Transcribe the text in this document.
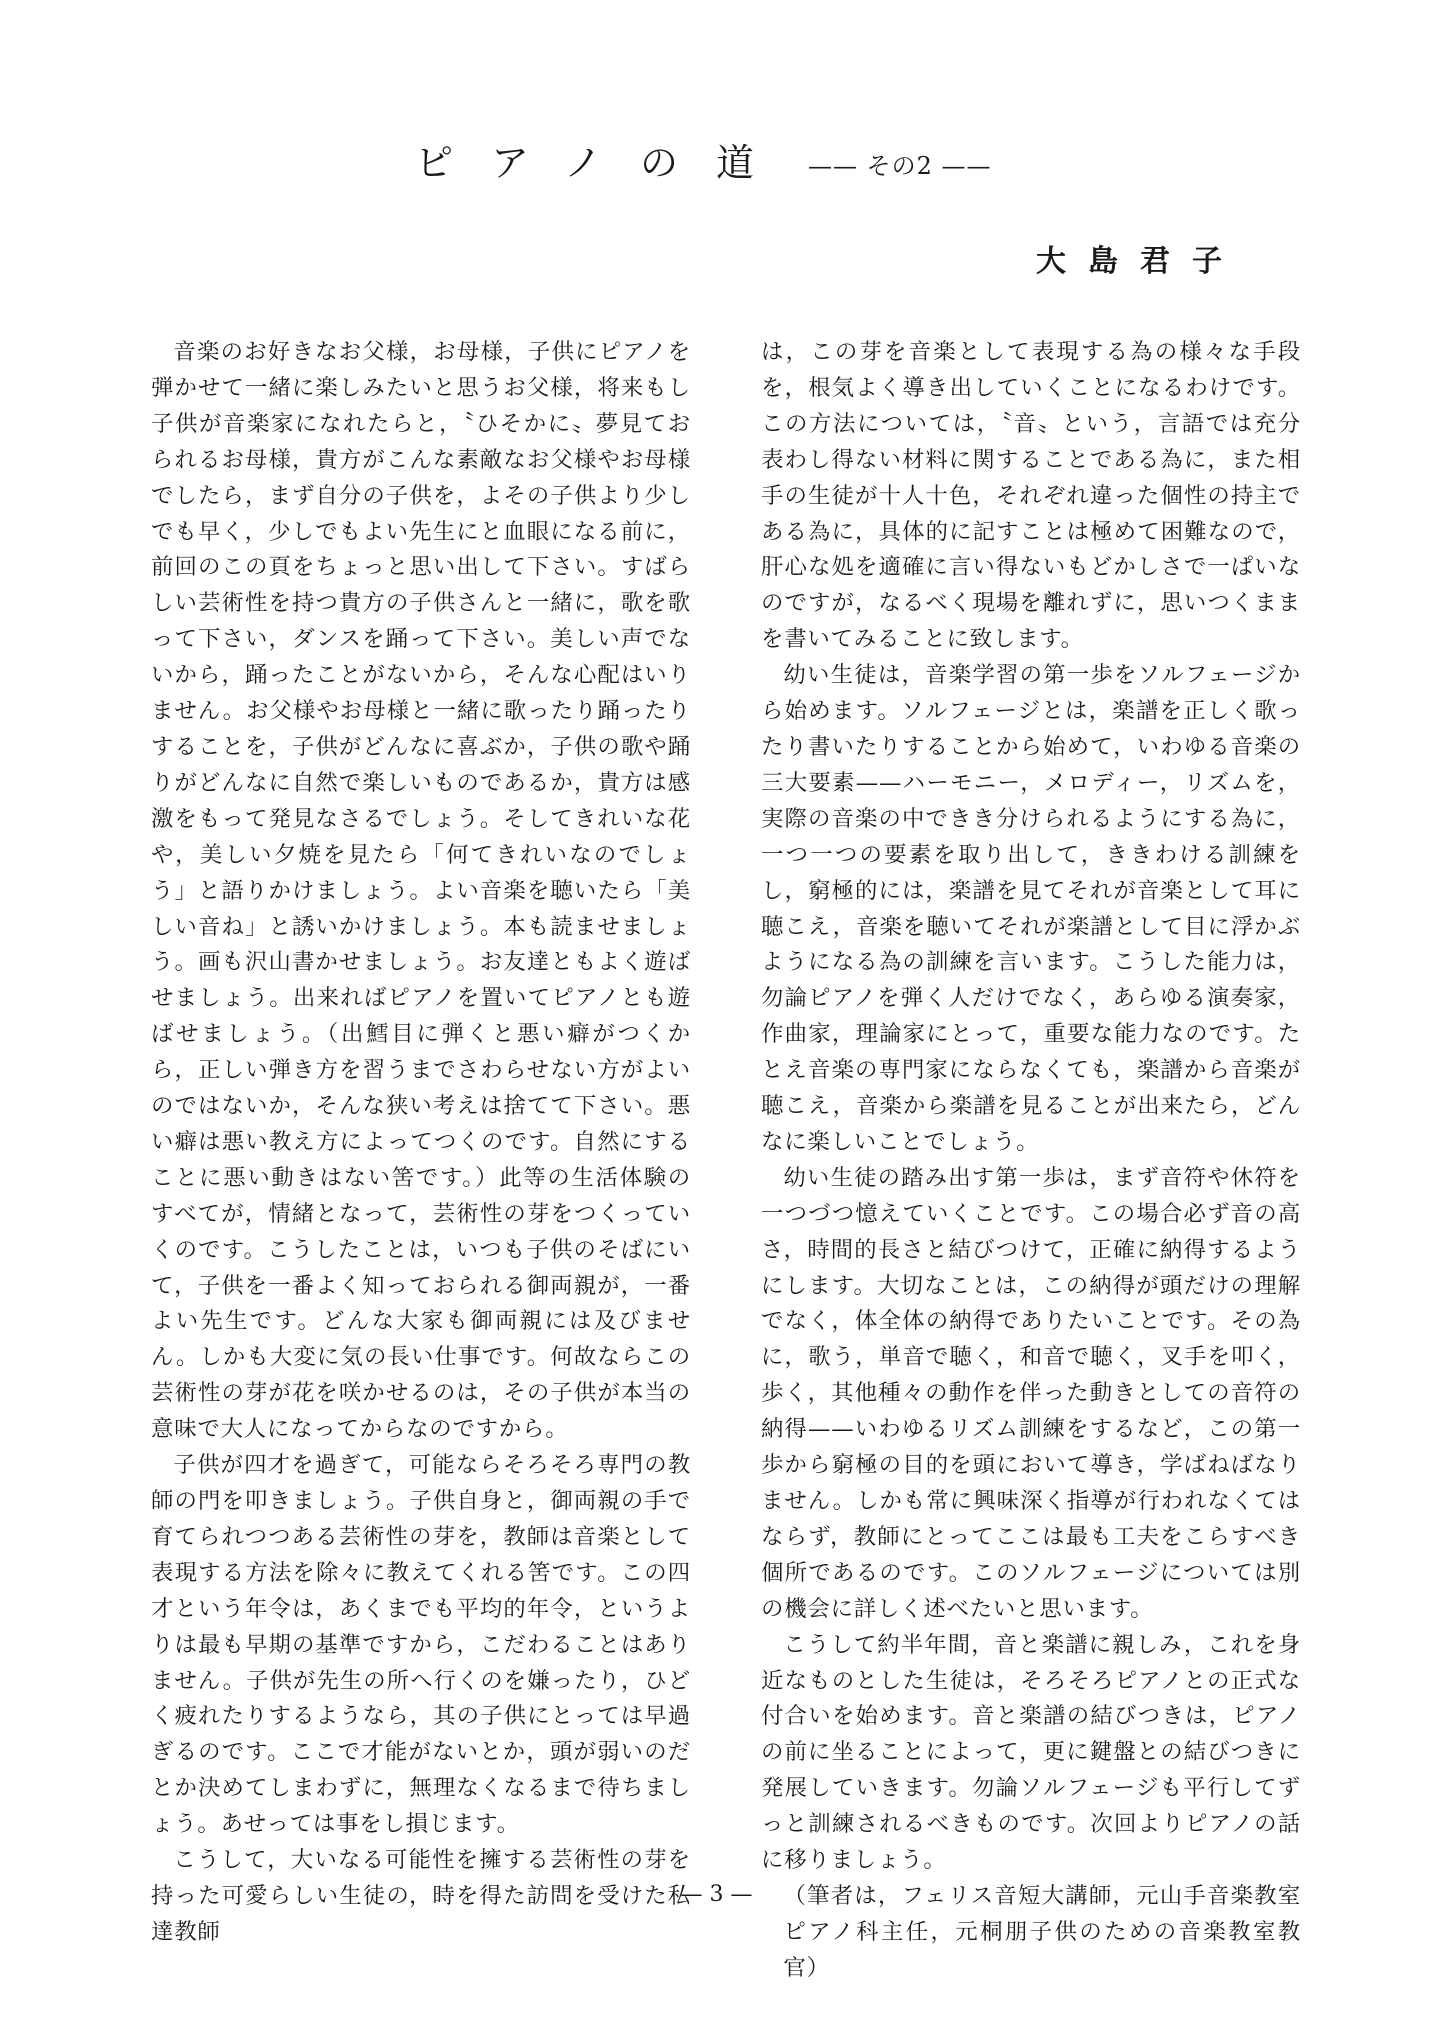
ピアノの道 —— その2 ——
大島君子

音楽のお好きなお父様，お母様，子供にピアノを弾かせて一緒に楽しみたいと思うお父様，将来もし子供が音楽家になれたらと，〝ひそかに〟夢見ておられるお母様，貴方がこんな素敵なお父様やお母様でしたら，まず自分の子供を，よその子供より少しでも早く，少しでもよい先生にと血眼になる前に，前回のこの頁をちょっと思い出して下さい。すばらしい芸術性を持つ貴方の子供さんと一緒に，歌を歌って下さい，ダンスを踊って下さい。美しい声でないから，踊ったことがないから，そんな心配はいりません。お父様やお母様と一緒に歌ったり踊ったりすることを，子供がどんなに喜ぶか，子供の歌や踊りがどんなに自然で楽しいものであるか，貴方は感激をもって発見なさるでしょう。そしてきれいな花や，美しい夕焼を見たら「何てきれいなのでしょう」と語りかけましょう。よい音楽を聴いたら「美しい音ね」と誘いかけましょう。本も読ませましょう。画も沢山書かせましょう。お友達ともよく遊ばせましょう。出来ればピアノを置いてピアノとも遊ばせましょう。（出鱈目に弾くと悪い癖がつくから，正しい弾き方を習うまでさわらせない方がよいのではないか，そんな狭い考えは捨てて下さい。悪い癖は悪い教え方によってつくのです。自然にすることに悪い動きはない筈です。）此等の生活体験のすべてが，情緒となって，芸術性の芽をつくっていくのです。こうしたことは，いつも子供のそばにいて，子供を一番よく知っておられる御両親が，一番よい先生です。どんな大家も御両親には及びません。しかも大変に気の長い仕事です。何故ならこの芸術性の芽が花を咲かせるのは，その子供が本当の意味で大人になってからなのですから。

子供が四才を過ぎて，可能ならそろそろ専門の教師の門を叩きましょう。子供自身と，御両親の手で育てられつつある芸術性の芽を，教師は音楽として表現する方法を除々に教えてくれる筈です。この四才という年令は，あくまでも平均的年令，というよりは最も早期の基準ですから，こだわることはありません。子供が先生の所へ行くのを嫌ったり，ひどく疲れたりするようなら，其の子供にとっては早過ぎるのです。ここで才能がないとか，頭が弱いのだとか決めてしまわずに，無理なくなるまで待ちましょう。あせっては事をし損じます。

こうして，大いなる可能性を擁する芸術性の芽を持った可愛らしい生徒の，時を得た訪問を受けた私達教師

は，この芽を音楽として表現する為の様々な手段を，根気よく導き出していくことになるわけです。この方法については，〝音〟という，言語では充分表わし得ない材料に関することである為に，また相手の生徒が十人十色，それぞれ違った個性の持主である為に，具体的に記すことは極めて困難なので，肝心な処を適確に言い得ないもどかしさで一ぱいなのですが，なるべく現場を離れずに，思いつくままを書いてみることに致します。

幼い生徒は，音楽学習の第一歩をソルフェージから始めます。ソルフェージとは，楽譜を正しく歌ったり書いたりすることから始めて，いわゆる音楽の三大要素——ハーモニー，メロディー，リズムを，実際の音楽の中できき分けられるようにする為に，一つ一つの要素を取り出して，ききわける訓練をし，窮極的には，楽譜を見てそれが音楽として耳に聴こえ，音楽を聴いてそれが楽譜として目に浮かぶようになる為の訓練を言います。こうした能力は，勿論ピアノを弾く人だけでなく，あらゆる演奏家，作曲家，理論家にとって，重要な能力なのです。たとえ音楽の専門家にならなくても，楽譜から音楽が聴こえ，音楽から楽譜を見ることが出来たら，どんなに楽しいことでしょう。

幼い生徒の踏み出す第一歩は，まず音符や休符を一つづつ憶えていくことです。この場合必ず音の高さ，時間的長さと結びつけて，正確に納得するようにします。大切なことは，この納得が頭だけの理解でなく，体全体の納得でありたいことです。その為に，歌う，単音で聴く，和音で聴く，叉手を叩く，歩く，其他種々の動作を伴った動きとしての音符の納得——いわゆるリズム訓練をするなど，この第一歩から窮極の目的を頭において導き，学ばねばなりません。しかも常に興味深く指導が行われなくてはならず，教師にとってここは最も工夫をこらすべき個所であるのです。このソルフェージについては別の機会に詳しく述べたいと思います。

こうして約半年間，音と楽譜に親しみ，これを身近なものとした生徒は，そろそろピアノとの正式な付合いを始めます。音と楽譜の結びつきは，ピアノの前に坐ることによって，更に鍵盤との結びつきに発展していきます。勿論ソルフェージも平行してずっと訓練されるべきものです。次回よりピアノの話に移りましょう。

（筆者は，フェリス音短大講師，元山手音楽教室ピアノ科主任，元桐朋子供のための音楽教室教官）

— 3 —
